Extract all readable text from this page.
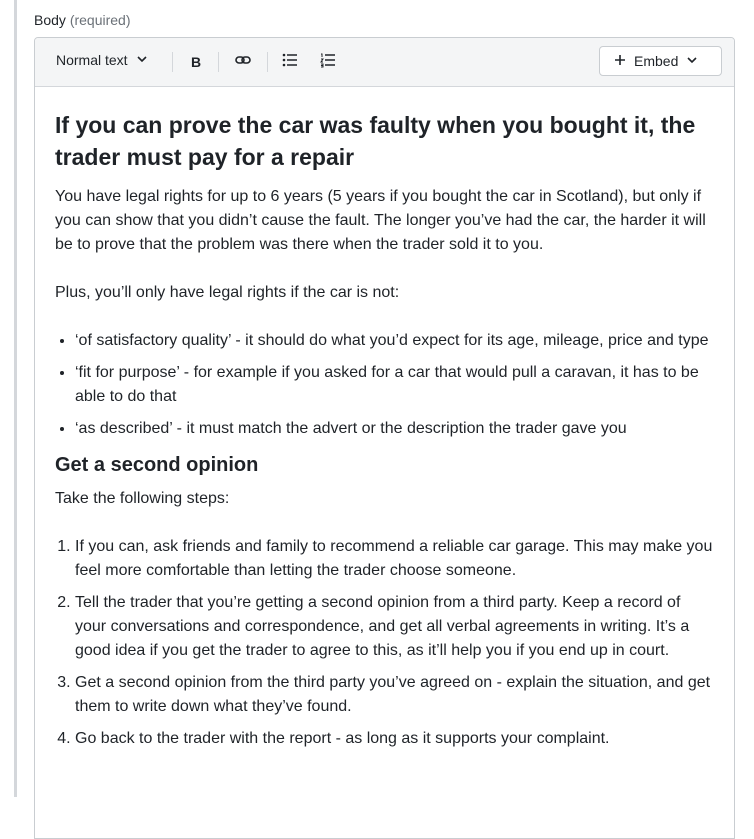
Body (required)
Normal text	B	Embed
If you can prove the car was faulty when you bought it, the trader must pay for a repair

You have legal rights for up to 6 years (5 years if you bought the car in Scotland), but only if you can show that you didn’t cause the fault. The longer you’ve had the car, the harder it will be to prove that the problem was there when the trader sold it to you.

Plus, you’ll only have legal rights if the car is not:

• ‘of satisfactory quality’ - it should do what you’d expect for its age, mileage, price and type
• ‘fit for purpose’ - for example if you asked for a car that would pull a caravan, it has to be able to do that
• ‘as described’ - it must match the advert or the description the trader gave you
Get a second opinion

Take the following steps:

1. If you can, ask friends and family to recommend a reliable car garage. This may make you feel more comfortable than letting the trader choose someone.
2. Tell the trader that you’re getting a second opinion from a third party. Keep a record of your conversations and correspondence, and get all verbal agreements in writing. It’s a good idea if you get the trader to agree to this, as it’ll help you if you end up in court.
3. Get a second opinion from the third party you’ve agreed on - explain the situation, and get them to write down what they’ve found.
4. Go back to the trader with the report - as long as it supports your complaint.
